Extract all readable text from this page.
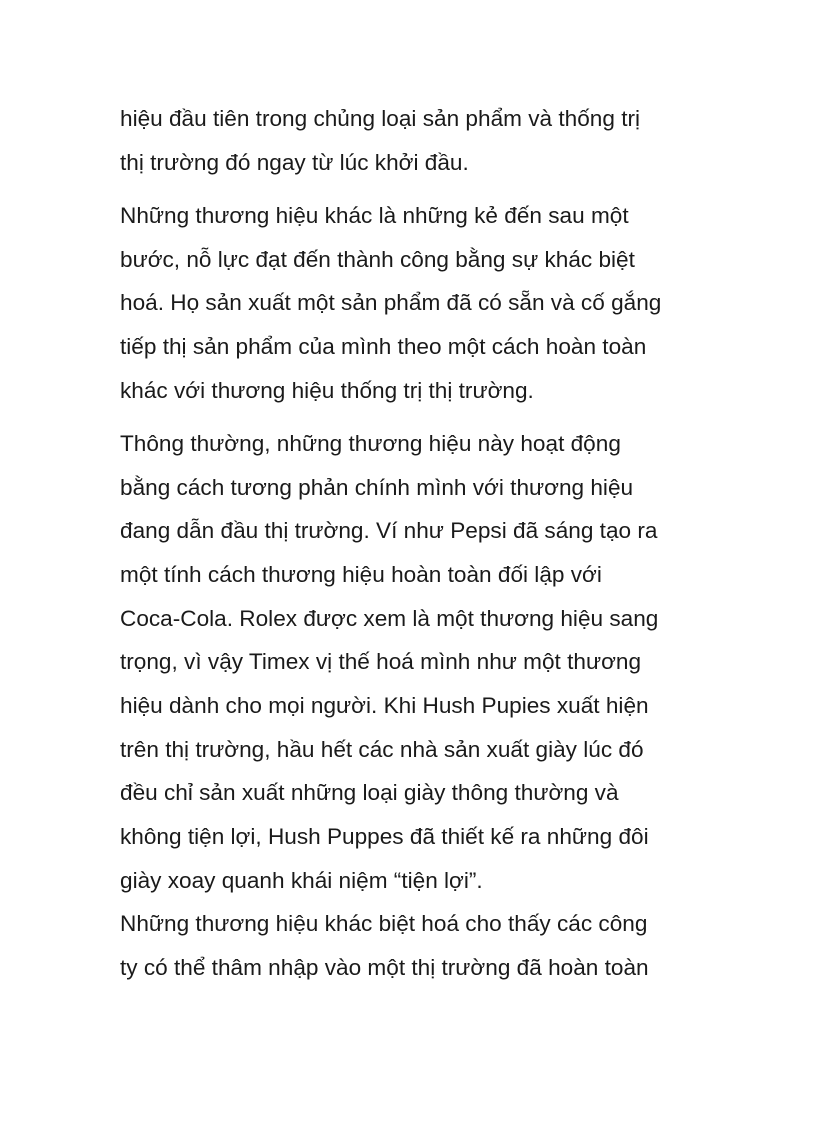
hiệu đầu tiên trong chủng loại sản phẩm và thống trị
thị trường đó ngay từ lúc khởi đầu.
Những thương hiệu khác là những kẻ đến sau một
bước, nỗ lực đạt đến thành công bằng sự khác biệt
hoá. Họ sản xuất một sản phẩm đã có sẵn và cố gắng
tiếp thị sản phẩm của mình theo một cách hoàn toàn
khác với thương hiệu thống trị thị trường.
Thông thường, những thương hiệu này hoạt động
bằng cách tương phản chính mình với thương hiệu
đang dẫn đầu thị trường. Ví như Pepsi đã sáng tạo ra
một tính cách thương hiệu hoàn toàn đối lập với
Coca-Cola. Rolex được xem là một thương hiệu sang
trọng, vì vậy Timex vị thế hoá mình như một thương
hiệu dành cho mọi người. Khi Hush Pupies xuất hiện
trên thị trường, hầu hết các nhà sản xuất giày lúc đó
đều chỉ sản xuất những loại giày thông thường và
không tiện lợi, Hush Puppes đã thiết kế ra những đôi
giày xoay quanh khái niệm “tiện lợi”.
Những thương hiệu khác biệt hoá cho thấy các công
ty có thể thâm nhập vào một thị trường đã hoàn toàn
